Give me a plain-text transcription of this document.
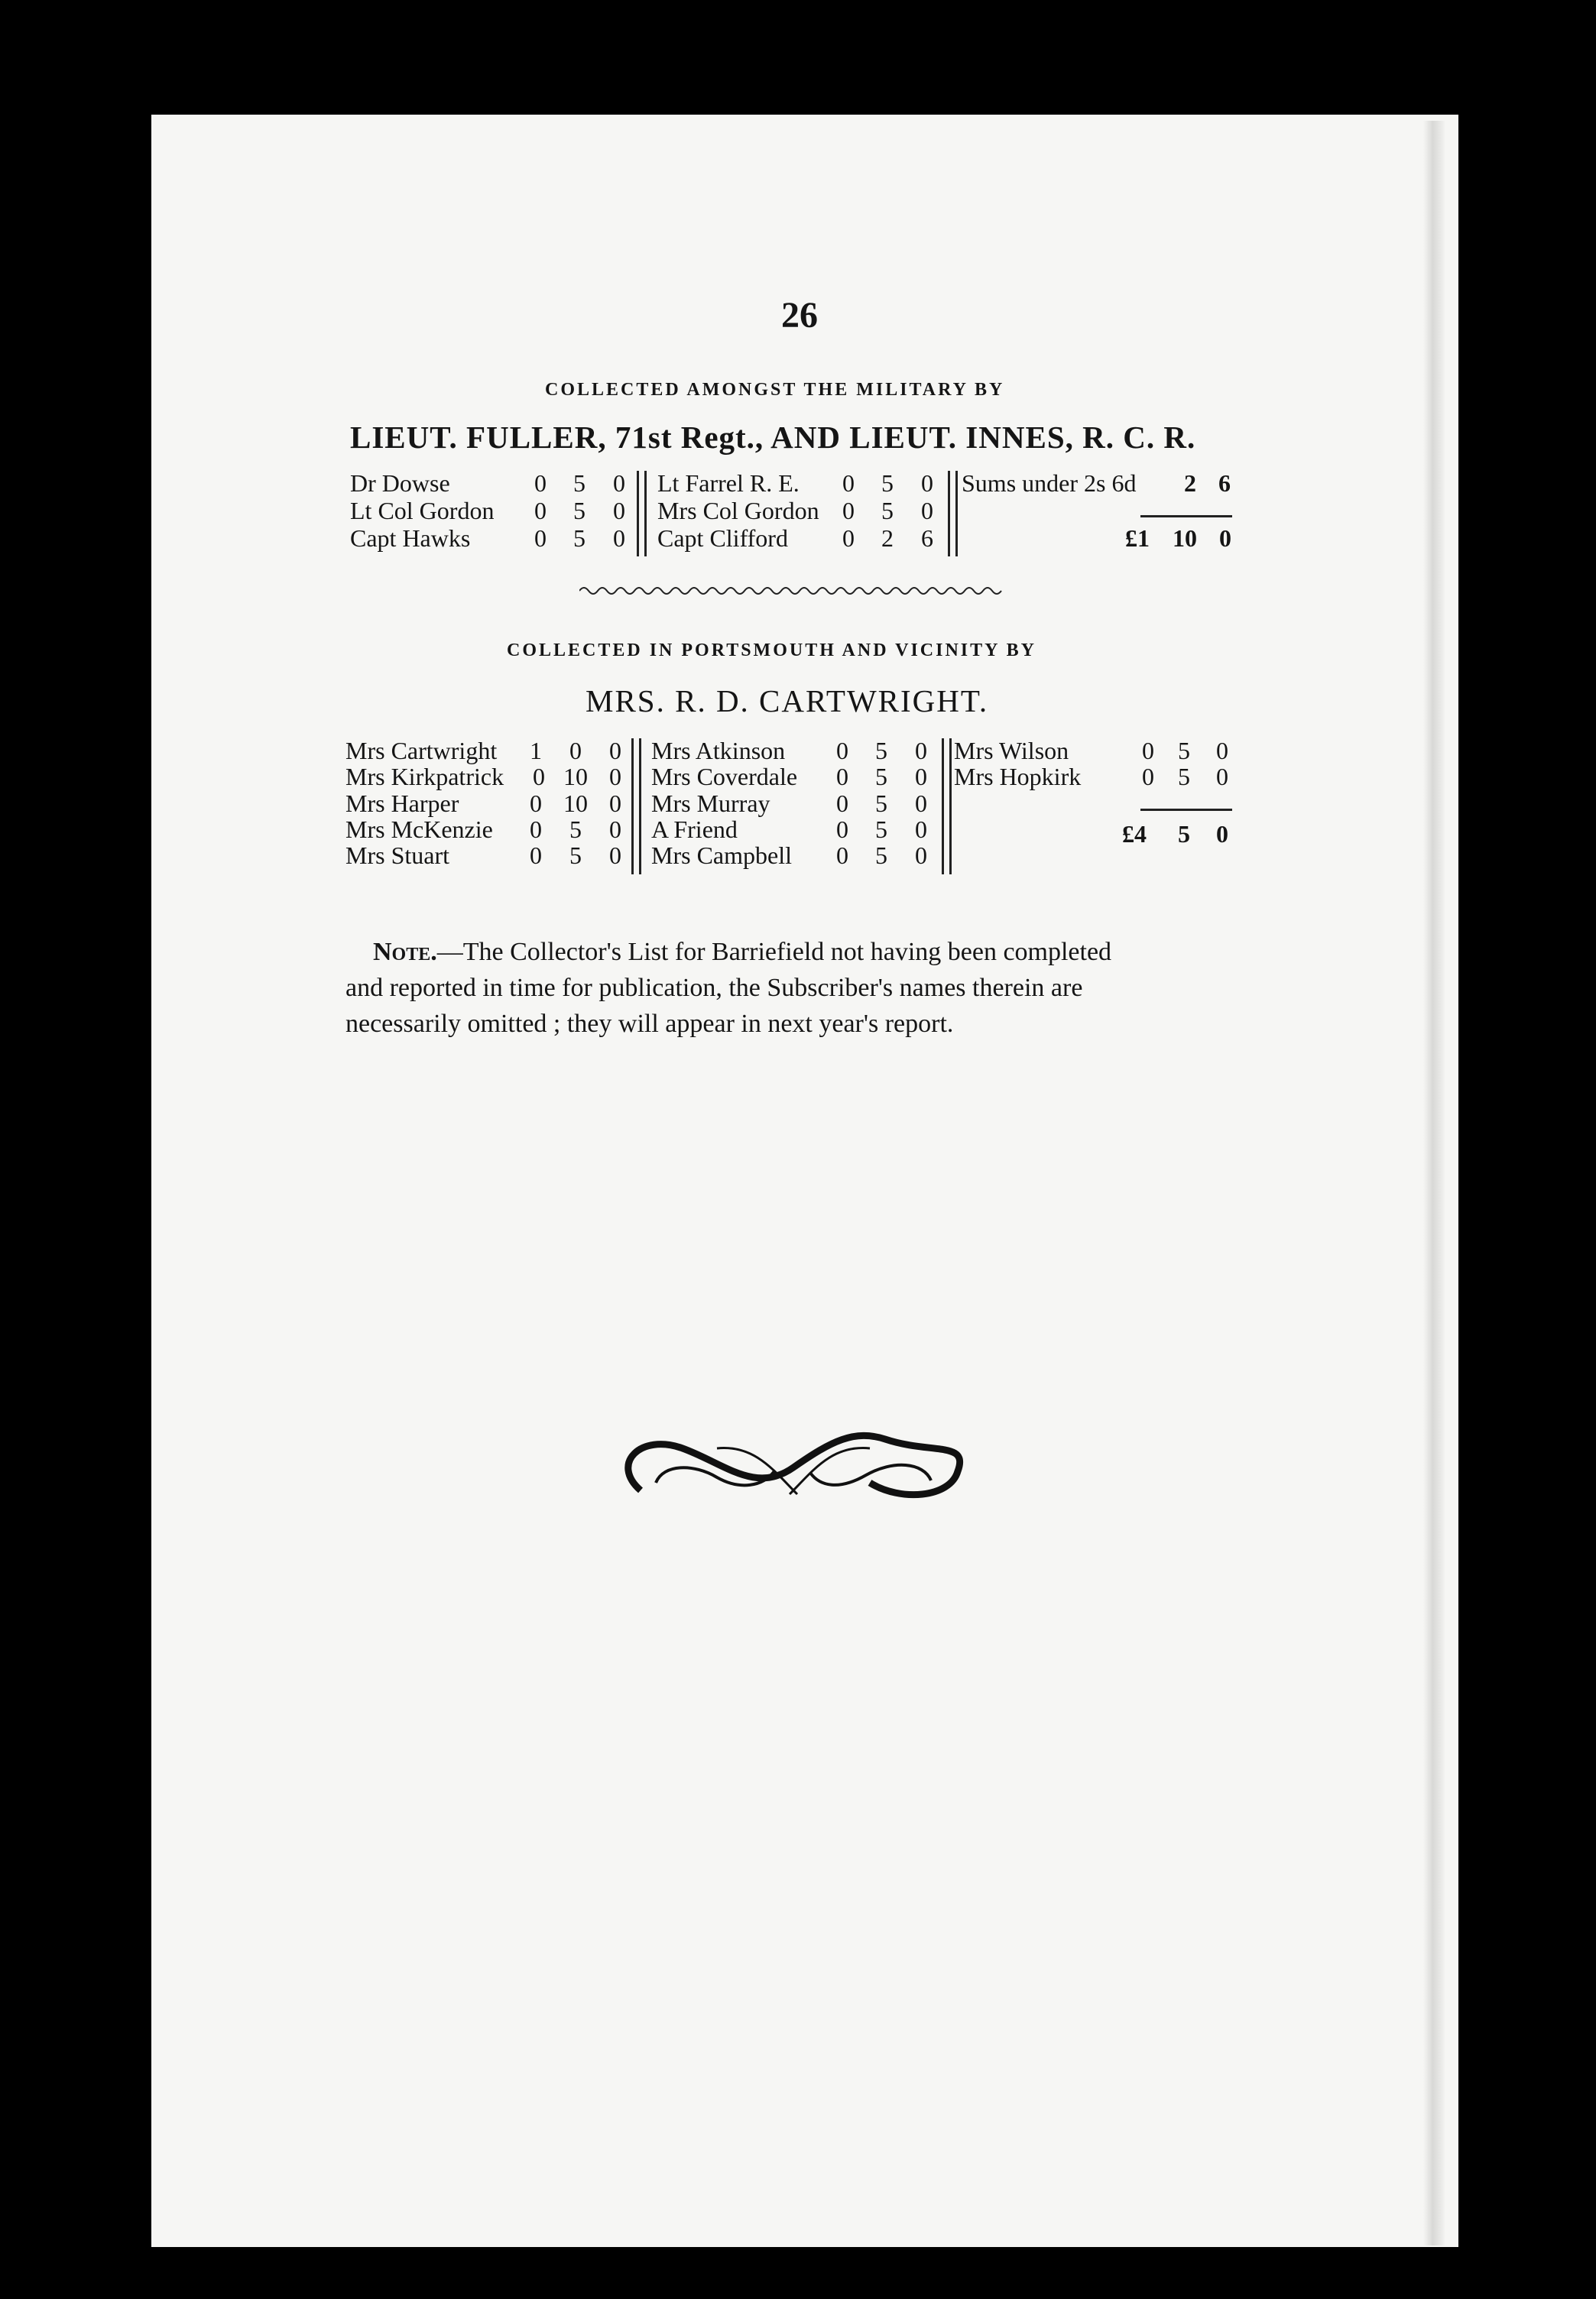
26
COLLECTED AMONGST THE MILITARY BY
LIEUT. FULLER, 71st Regt., AND LIEUT. INNES, R. C. R.
Dr Dowse	0 5 0
Lt Col Gordon 0 5 0
Capt Hawks	0 5 0
Lt Farrel R. E. 0 5 0
Mrs Col Gordon 0 5 0
Capt Clifford 0 2 6
Sums under 2s 6d 2 6
£1 10 0
COLLECTED IN PORTSMOUTH AND VICINITY BY
MRS. R. D. CARTWRIGHT.
Mrs Cartwright 1	0	0
Mrs Kirkpatrick 0 10 0
Mrs Harper	0 10 0
Mrs McKenzie 0	5	0
Mrs Stuart	0	5	0
Mrs Atkinson 0 5 0
Mrs Coverdale 0 5 0
Mrs Murray	0 5 0
A Friend	0 5 0
Mrs Campbell 0 5 0
Mrs Wilson	0 5 0
Mrs Hopkirk 0 5 0
£4 5 0
Note.—The Collector's List for Barriefield not having been completed
and reported in time for publication, the Subscriber's names therein are
necessarily omitted ; they will appear in next year's report.
